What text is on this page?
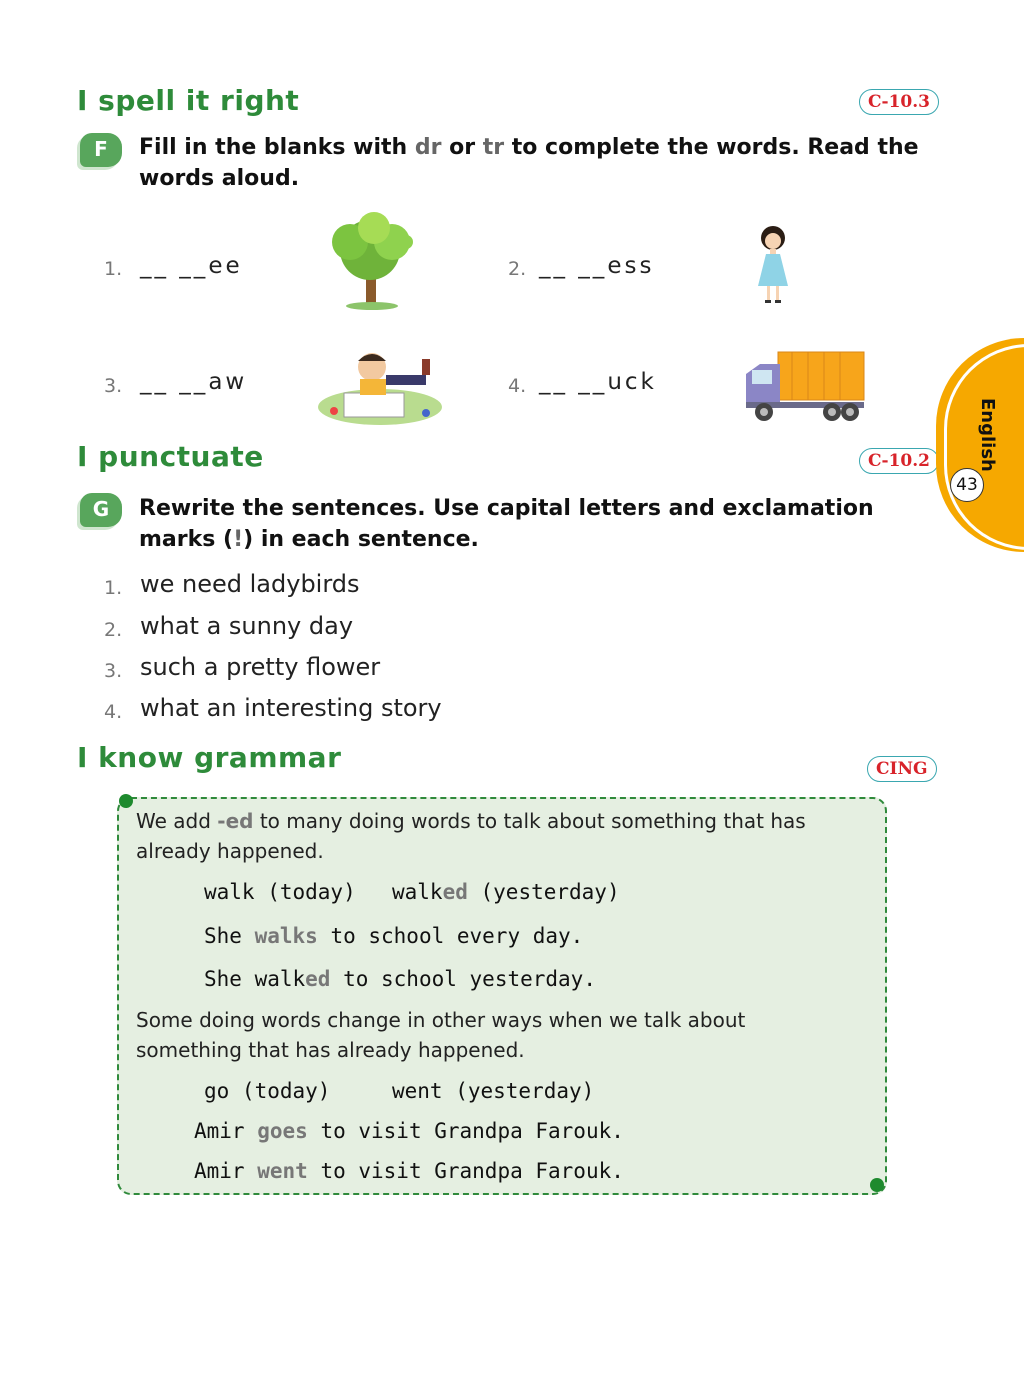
I spell it right	C-10.3
F	Fill in the blanks with dr or tr to complete the words. Read the words aloud.
1. __ __ee	2. __ __ess
3. __ __aw	4. __ __uck
I punctuate	C-10.2
G	Rewrite the sentences. Use capital letters and exclamation marks (!) in each sentence.
1. we need ladybirds
2. what a sunny day
3. such a pretty flower
4. what an interesting story
I know grammar	CING
We add -ed to many doing words to talk about something that has already happened.
walk (today) walked (yesterday)
She walks to school every day.
She walked to school yesterday.
Some doing words change in other ways when we talk about something that has already happened.
go (today)	went (yesterday)
Amir goes to visit Grandpa Farouk.
Amir went to visit Grandpa Farouk.
English
43
